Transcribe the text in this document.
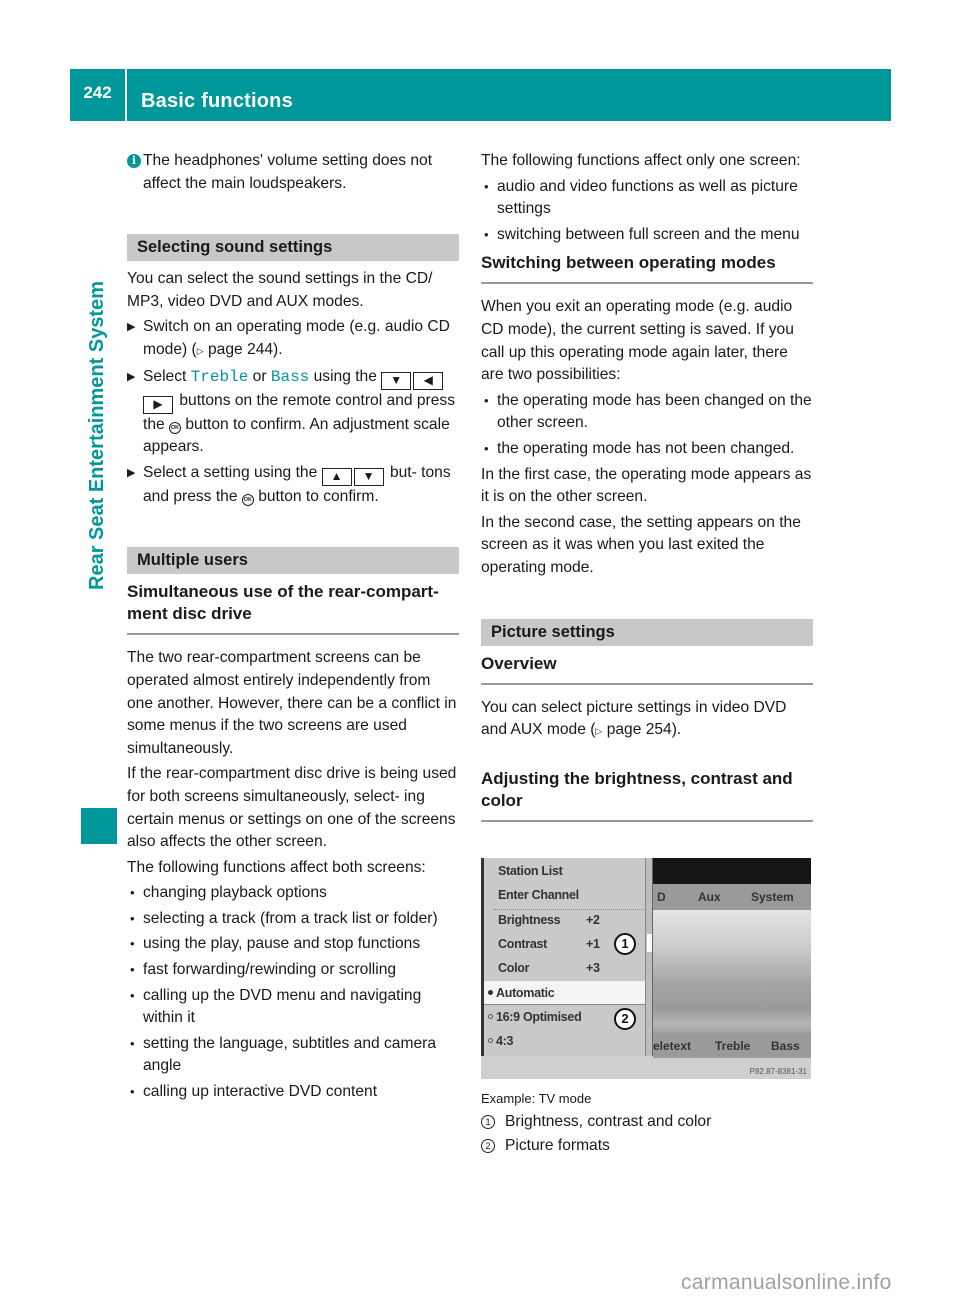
242	Basic functions
Rear Seat Entertainment System

i The headphones' volume setting does not affect the main loudspeakers.

Selecting sound settings

You can select the sound settings in the CD/ MP3, video DVD and AUX modes.

▶ Switch on an operating mode (e.g. audio CD mode) (▷ page 244).
▶ Select Treble or Bass using the ▼ ◀▶ buttons on the remote control and press the OK button to confirm. An adjustment scale appears.
▶ Select a setting using the ▲ ▼ but- tons and press the OK button to confirm.
Multiple users
Simultaneous use of the rear-compart- ment disc drive

The two rear-compartment screens can be operated almost entirely independently from one another. However, there can be a conflict in some menus if the two screens are used simultaneously.

If the rear-compartment disc drive is being used for both screens simultaneously, select- ing certain menus or settings on one of the screens also affects the other screen.

The following functions affect both screens:

• changing playback options
• selecting a track (from a track list or folder)
• using the play, pause and stop functions
• fast forwarding/rewinding or scrolling
• calling up the DVD menu and navigating within it
• setting the language, subtitles and camera angle
• calling up interactive DVD content

The following functions affect only one screen:

• audio and video functions as well as picture settings
• switching between full screen and the menu
Switching between operating modes

When you exit an operating mode (e.g. audio CD mode), the current setting is saved. If you call up this operating mode again later, there are two possibilities:

• the operating mode has been changed on the other screen.
• the operating mode has not been changed.

In the first case, the operating mode appears as it is on the other screen.

In the second case, the setting appears on the screen as it was when you last exited the operating mode.

Picture settings
Overview

You can select picture settings in video DVD and AUX mode (▷ page 254).

Adjusting the brightness, contrast and color
Station List
Enter Channel
Brightness +2
Contrast	+1
Color	+3
Automatic
16:9 Optimised
4:3
1
2
D	Aux	System
eletext Treble Bass
P82.87-8381-31
Example: TV mode
1 Brightness, contrast and color
2 Picture formats
carmanualsonline.info
